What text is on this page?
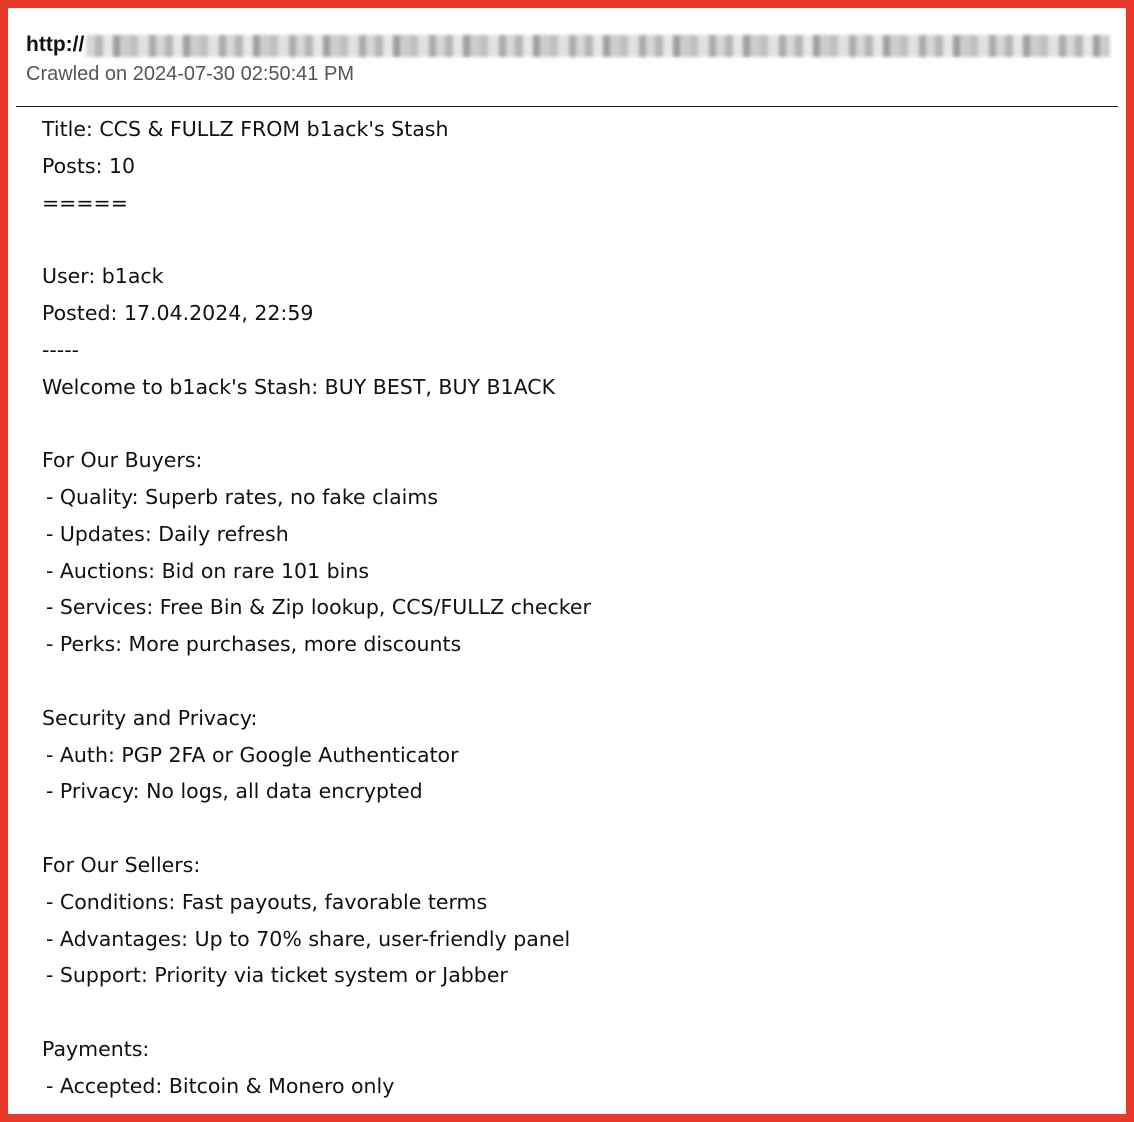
http://
Crawled on 2024-07-30 02:50:41 PM
Title: CCS & FULLZ FROM b1ack's Stash
Posts: 10
=====
User: b1ack
Posted: 17.04.2024, 22:59
-----
Welcome to b1ack's Stash: BUY BEST, BUY B1ACK
For Our Buyers:
- Quality: Superb rates, no fake claims
- Updates: Daily refresh
- Auctions: Bid on rare 101 bins
- Services: Free Bin & Zip lookup, CCS/FULLZ checker
- Perks: More purchases, more discounts
Security and Privacy:
- Auth: PGP 2FA or Google Authenticator
- Privacy: No logs, all data encrypted
For Our Sellers:
- Conditions: Fast payouts, favorable terms
- Advantages: Up to 70% share, user-friendly panel
- Support: Priority via ticket system or Jabber
Payments:
- Accepted: Bitcoin & Monero only
